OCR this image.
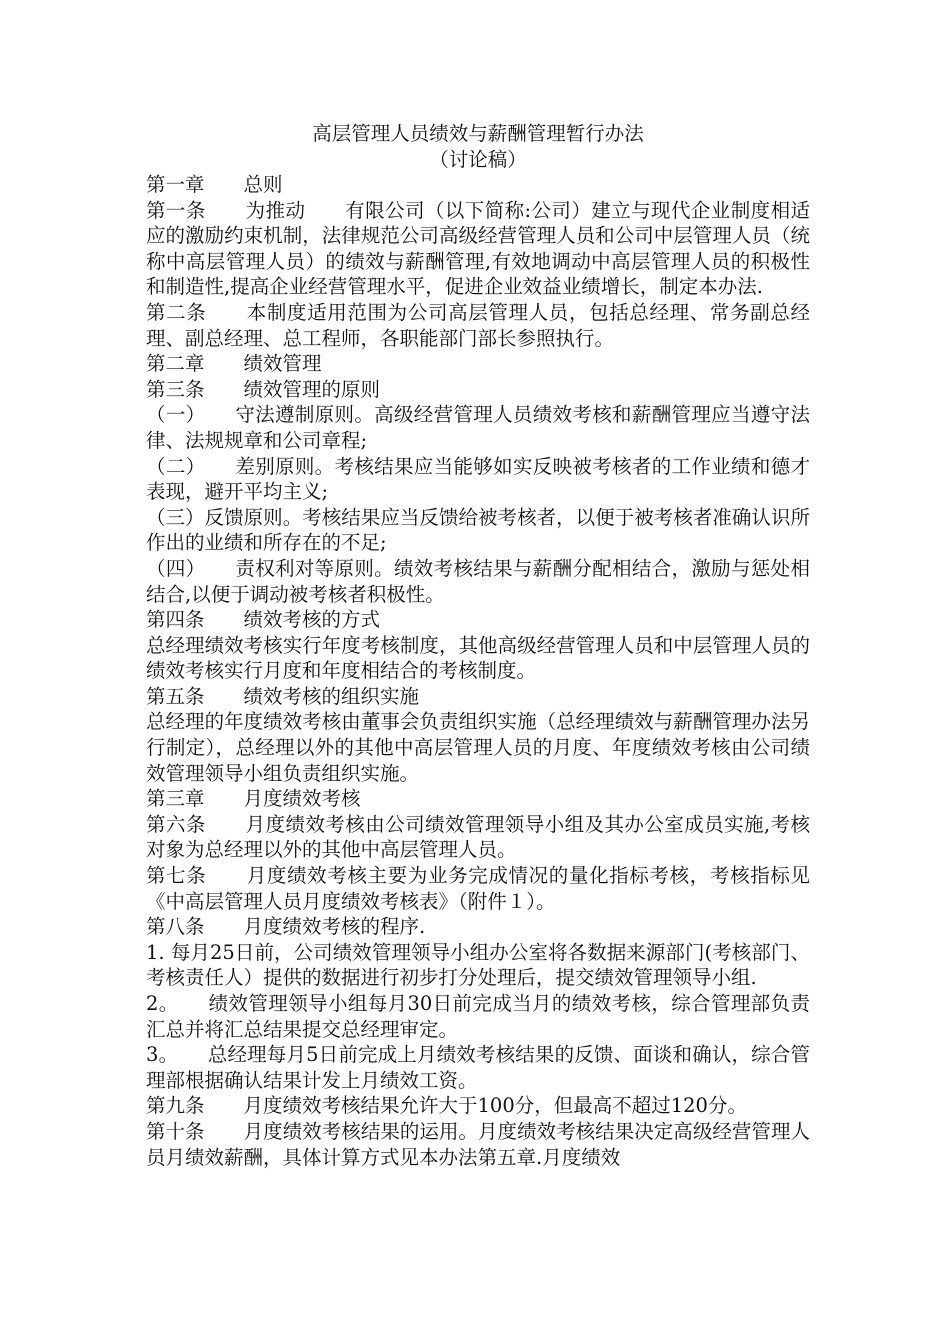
高层管理人员绩效与薪酬管理暂行办法
（讨论稿）
第一章　　总则
第一条　　为推动　　有限公司（以下简称:公司）建立与现代企业制度相适应的激励约束机制，法律规范公司高级经营管理人员和公司中层管理人员（统称中高层管理人员）的绩效与薪酬管理,有效地调动中高层管理人员的积极性和制造性,提高企业经营管理水平，促进企业效益业绩增长，制定本办法.
第二条　　本制度适用范围为公司高层管理人员，包括总经理、常务副总经理、副总经理、总工程师，各职能部门部长参照执行。
第二章　　绩效管理
第三条　　绩效管理的原则
（一）　　守法遵制原则。高级经营管理人员绩效考核和薪酬管理应当遵守法律、法规规章和公司章程;
（二）　　差别原则。考核结果应当能够如实反映被考核者的工作业绩和德才表现，避开平均主义;
（三）反馈原则。考核结果应当反馈给被考核者，以便于被考核者准确认识所作出的业绩和所存在的不足;
（四）　　责权利对等原则。绩效考核结果与薪酬分配相结合，激励与惩处相结合,以便于调动被考核者积极性。
第四条　　绩效考核的方式
总经理绩效考核实行年度考核制度，其他高级经营管理人员和中层管理人员的绩效考核实行月度和年度相结合的考核制度。
第五条　　绩效考核的组织实施
总经理的年度绩效考核由董事会负责组织实施（总经理绩效与薪酬管理办法另行制定），总经理以外的其他中高层管理人员的月度、年度绩效考核由公司绩效管理领导小组负责组织实施。
第三章　　月度绩效考核
第六条　　月度绩效考核由公司绩效管理领导小组及其办公室成员实施,考核对象为总经理以外的其他中高层管理人员。
第七条　　月度绩效考核主要为业务完成情况的量化指标考核，考核指标见《中高层管理人员月度绩效考核表》（附件１）。
第八条　　月度绩效考核的程序.
1. 每月25日前，公司绩效管理领导小组办公室将各数据来源部门(考核部门、考核责任人）提供的数据进行初步打分处理后，提交绩效管理领导小组.
2。　　绩效管理领导小组每月30日前完成当月的绩效考核，综合管理部负责汇总并将汇总结果提交总经理审定。
3。　　总经理每月5日前完成上月绩效考核结果的反馈、面谈和确认，综合管理部根据确认结果计发上月绩效工资。
第九条　　月度绩效考核结果允许大于100分，但最高不超过120分。
第十条　　月度绩效考核结果的运用。月度绩效考核结果决定高级经营管理人员月绩效薪酬，具体计算方式见本办法第五章.月度绩效
